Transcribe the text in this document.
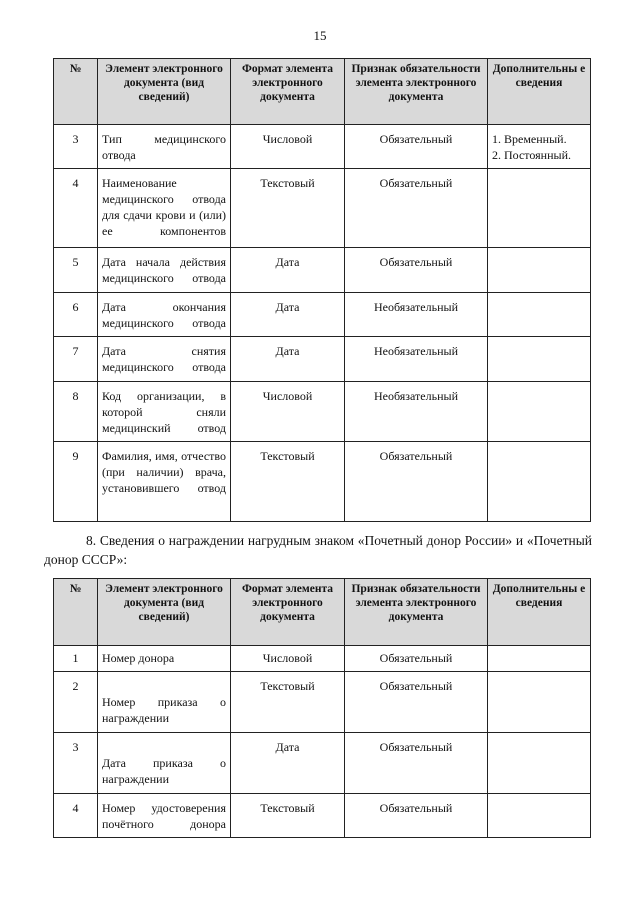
15
№	Элемент электронного документа (вид сведений)	Формат элемента электронного документа	Признак обязательности элемента электронного документа	Дополнительны е сведения
3	Тип медицинского отвода	Числовой	Обязательный	1. Временный.
2. Постоянный.

4	Наименование медицинского отвода для сдачи крови и (или) ее компонентов	Текстовый	Обязательный	
5	Дата начала действия медицинского отвода	Дата	Обязательный	
6	Дата окончания медицинского отвода	Дата	Необязательный	
7	Дата снятия медицинского отвода	Дата	Необязательный	
8	Код организации, в которой сняли медицинский отвод	Числовой	Необязательный	
9	Фамилия, имя, отчество (при наличии) врача, установившего отвод	Текстовый	Обязательный	
8. Сведения о награждении нагрудным знаком «Почетный донор России» и «Почетный донор СССР»:
№	Элемент электронного документа (вид сведений)	Формат элемента электронного документа	Признак обязательности элемента электронного документа	Дополнительны е сведения
1	Номер донора	Числовой	Обязательный	
2	Номер приказа о награждении	Текстовый	Обязательный	
3	Дата приказа о награждении	Дата	Обязательный	
4	Номер удостоверения почётного донора	Текстовый	Обязательный	
